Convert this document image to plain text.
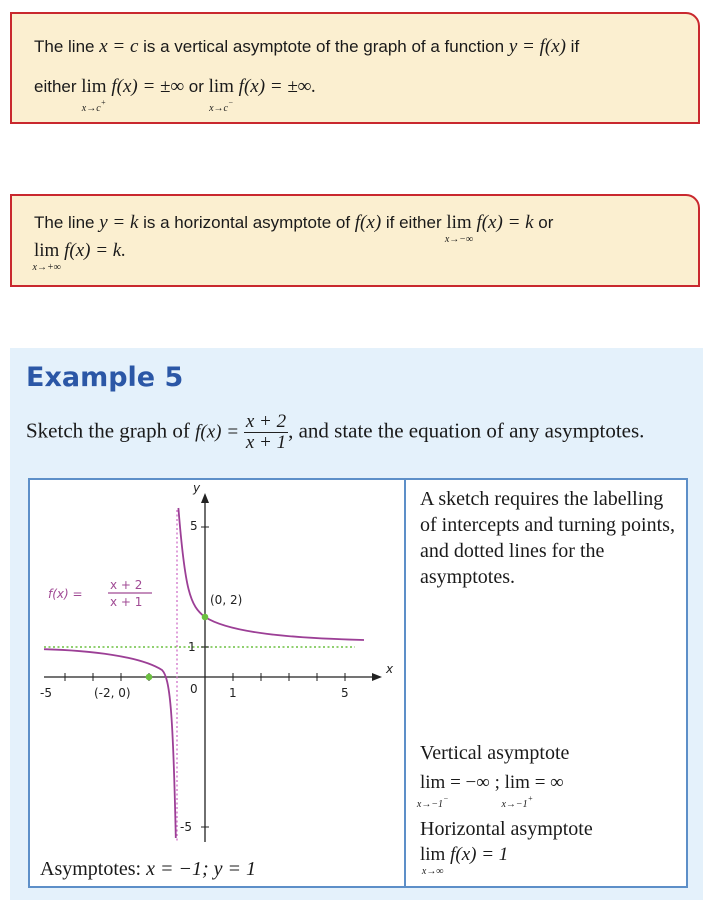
The line x = c is a vertical asymptote of the graph of a function y = f(x) if
either lim
x→c+
f(x) = ±∞ or lim
x→c−
f(x) = ±∞.
The line y = k is a horizontal asymptote of f(x) if either lim
x→−∞
f(x) = k or
lim
x→+∞
f(x) = k.
Example 5
Sketch the graph of $f(x) = \frac{x + 2}{x + 1}$ , and state the equation of any asymptotes.
y
x
5
-5
1
-5	1	5
0
(0, 2)
(-2, 0)
f(x) =
x + 2
x + 1
Asymptotes: x = −1; y = 1
A sketch requires the labelling of intercepts and turning points, and dotted lines for the asymptotes.
Vertical asymptote
lim
x→−1−
= −∞ ; lim
x→−1+
= ∞
Horizontal asymptote
lim
x→∞
f(x) = 1
